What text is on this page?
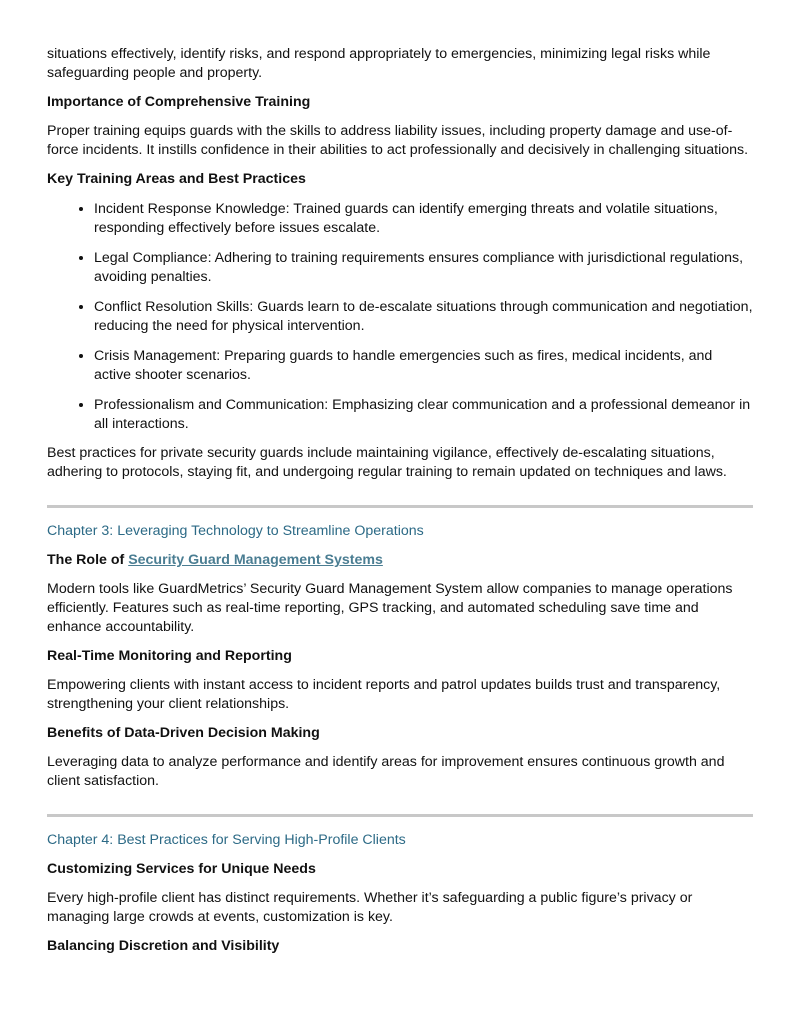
situations effectively, identify risks, and respond appropriately to emergencies, minimizing legal risks while safeguarding people and property.

Importance of Comprehensive Training

Proper training equips guards with the skills to address liability issues, including property damage and use-of-force incidents. It instills confidence in their abilities to act professionally and decisively in challenging situations.

Key Training Areas and Best Practices
• Incident Response Knowledge: Trained guards can identify emerging threats and volatile situations, responding effectively before issues escalate.
• Legal Compliance: Adhering to training requirements ensures compliance with jurisdictional regulations, avoiding penalties.
• Conflict Resolution Skills: Guards learn to de-escalate situations through communication and negotiation, reducing the need for physical intervention.
• Crisis Management: Preparing guards to handle emergencies such as fires, medical incidents, and active shooter scenarios.
• Professionalism and Communication: Emphasizing clear communication and a professional demeanor in all interactions.

Best practices for private security guards include maintaining vigilance, effectively de-escalating situations, adhering to protocols, staying fit, and undergoing regular training to remain updated on techniques and laws.

Chapter 3: Leveraging Technology to Streamline Operations
The Role of Security Guard Management Systems

Modern tools like GuardMetrics’ Security Guard Management System allow companies to manage operations efficiently. Features such as real-time reporting, GPS tracking, and automated scheduling save time and enhance accountability.

Real-Time Monitoring and Reporting

Empowering clients with instant access to incident reports and patrol updates builds trust and transparency, strengthening your client relationships.

Benefits of Data-Driven Decision Making

Leveraging data to analyze performance and identify areas for improvement ensures continuous growth and client satisfaction.

Chapter 4: Best Practices for Serving High-Profile Clients
Customizing Services for Unique Needs

Every high-profile client has distinct requirements. Whether it’s safeguarding a public figure’s privacy or managing large crowds at events, customization is key.

Balancing Discretion and Visibility
